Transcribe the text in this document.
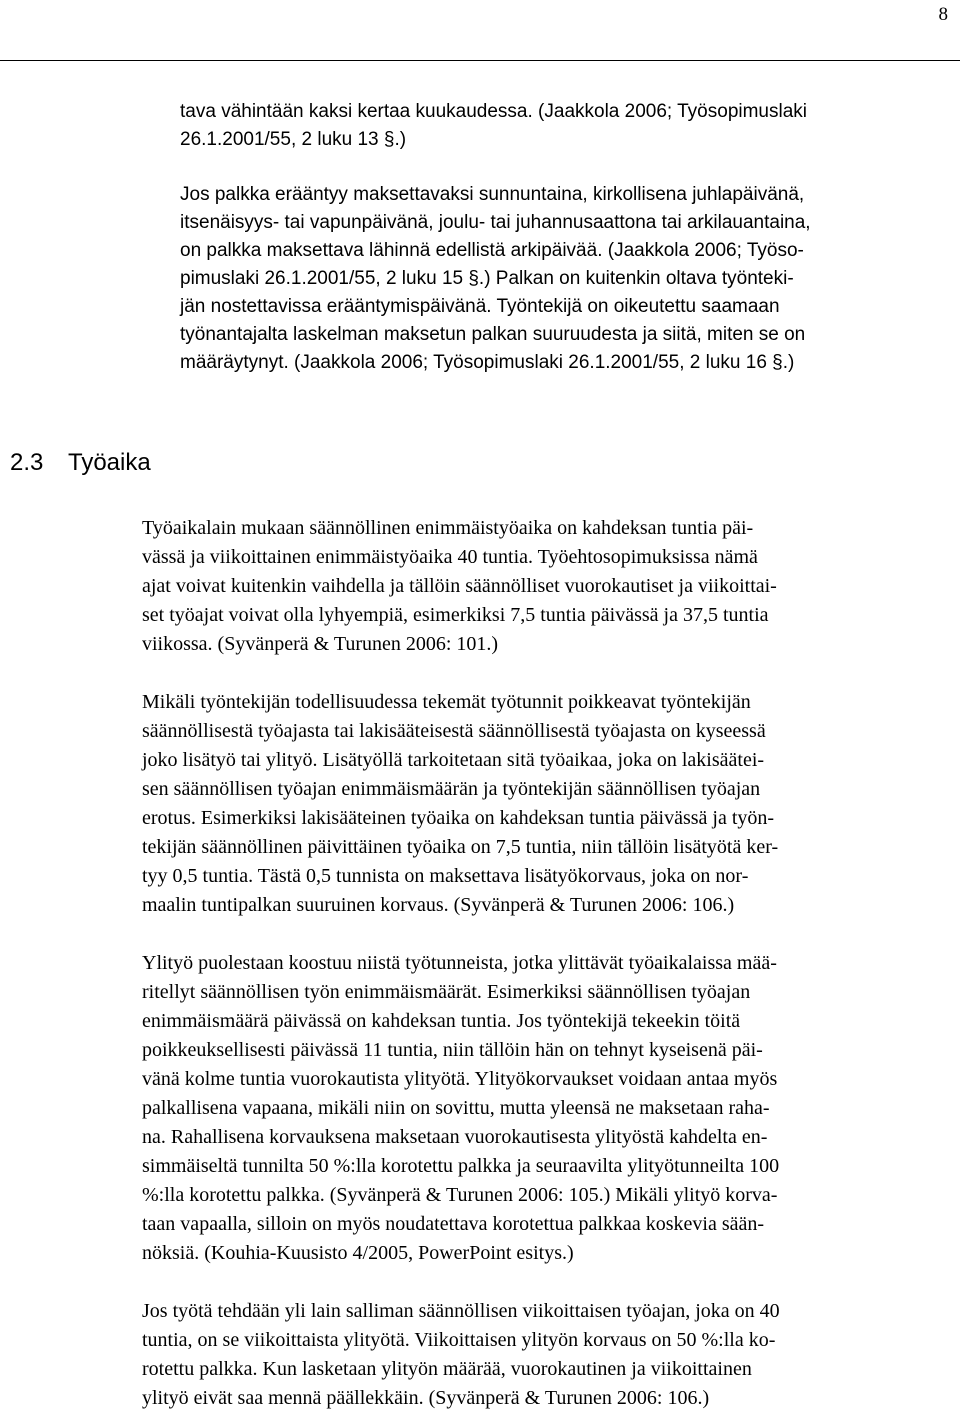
8

tava vähintään kaksi kertaa kuukaudessa. (Jaakkola 2006; Työsopimuslaki

26.1.2001/55, 2 luku 13 §.)

Jos palkka erääntyy maksettavaksi sunnuntaina, kirkollisena juhlapäivänä,

itsenäisyys- tai vapunpäivänä, joulu- tai juhannusaattona tai arkilauantaina,

on palkka maksettava lähinnä edellistä arkipäivää. (Jaakkola 2006; Työso-

pimuslaki 26.1.2001/55, 2 luku 15 §.) Palkan on kuitenkin oltava työnteki-

jän nostettavissa erääntymispäivänä. Työntekijä on oikeutettu saamaan

työnantajalta laskelman maksetun palkan suuruudesta ja siitä, miten se on

määräytynyt. (Jaakkola 2006; Työsopimuslaki 26.1.2001/55, 2 luku 16 §.)

2.3 Työaika

Työaikalain mukaan säännöllinen enimmäistyöaika on kahdeksan tuntia päi-

vässä ja viikoittainen enimmäistyöaika 40 tuntia. Työehtosopimuksissa nämä

ajat voivat kuitenkin vaihdella ja tällöin säännölliset vuorokautiset ja viikoittai-

set työajat voivat olla lyhyempiä, esimerkiksi 7,5 tuntia päivässä ja 37,5 tuntia

viikossa. (Syvänperä & Turunen 2006: 101.)

Mikäli työntekijän todellisuudessa tekemät työtunnit poikkeavat työntekijän

säännöllisestä työajasta tai lakisääteisestä säännöllisestä työajasta on kyseessä

joko lisätyö tai ylityö. Lisätyöllä tarkoitetaan sitä työaikaa, joka on lakisäätei-

sen säännöllisen työajan enimmäismäärän ja työntekijän säännöllisen työajan

erotus. Esimerkiksi lakisääteinen työaika on kahdeksan tuntia päivässä ja työn-

tekijän säännöllinen päivittäinen työaika on 7,5 tuntia, niin tällöin lisätyötä ker-

tyy 0,5 tuntia. Tästä 0,5 tunnista on maksettava lisätyökorvaus, joka on nor-

maalin tuntipalkan suuruinen korvaus. (Syvänperä & Turunen 2006: 106.)

Ylityö puolestaan koostuu niistä työtunneista, jotka ylittävät työaikalaissa mää-

ritellyt säännöllisen työn enimmäismäärät. Esimerkiksi säännöllisen työajan

enimmäismäärä päivässä on kahdeksan tuntia. Jos työntekijä tekeekin töitä

poikkeuksellisesti päivässä 11 tuntia, niin tällöin hän on tehnyt kyseisenä päi-

vänä kolme tuntia vuorokautista ylityötä. Ylityökorvaukset voidaan antaa myös

palkallisena vapaana, mikäli niin on sovittu, mutta yleensä ne maksetaan raha-

na. Rahallisena korvauksena maksetaan vuorokautisesta ylityöstä kahdelta en-

simmäiseltä tunnilta 50 %:lla korotettu palkka ja seuraavilta ylityötunneilta 100

%:lla korotettu palkka. (Syvänperä & Turunen 2006: 105.) Mikäli ylityö korva-

taan vapaalla, silloin on myös noudatettava korotettua palkkaa koskevia sään-

nöksiä. (Kouhia-Kuusisto 4/2005, PowerPoint esitys.)

Jos työtä tehdään yli lain salliman säännöllisen viikoittaisen työajan, joka on 40

tuntia, on se viikoittaista ylityötä. Viikoittaisen ylityön korvaus on 50 %:lla ko-

rotettu palkka. Kun lasketaan ylityön määrää, vuorokautinen ja viikoittainen

ylityö eivät saa mennä päällekkäin. (Syvänperä & Turunen 2006: 106.)
